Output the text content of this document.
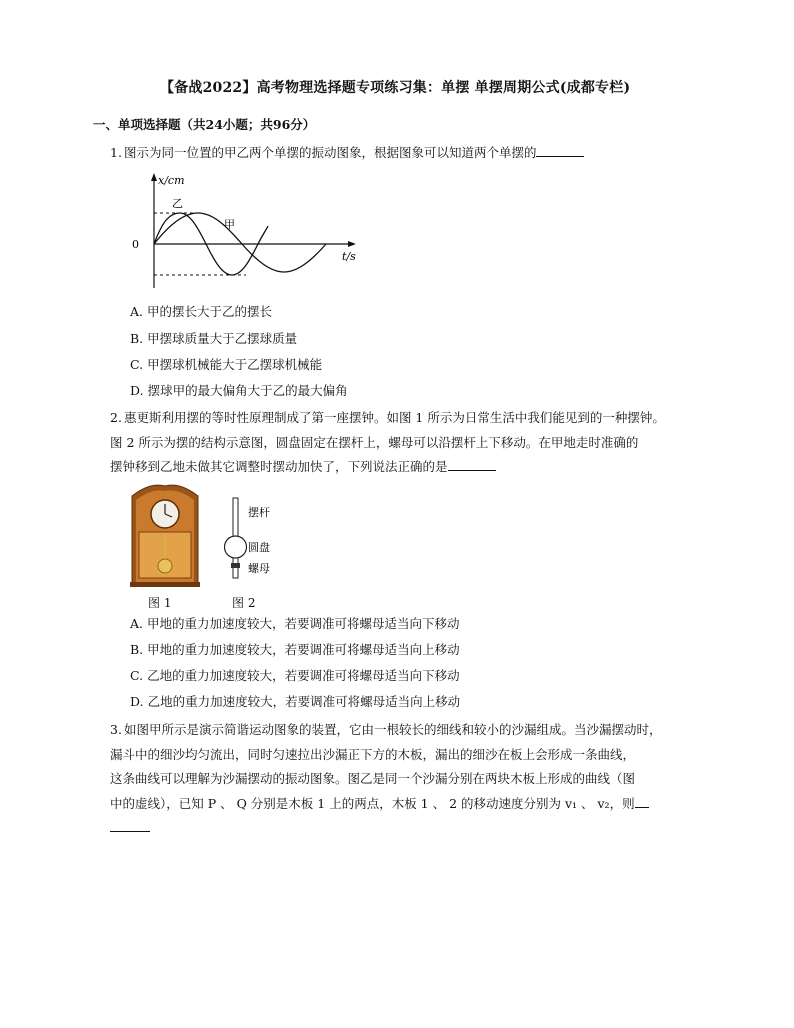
【备战2022】高考物理选择题专项练习集：单摆 单摆周期公式(成都专栏)
一、单项选择题（共24小题；共96分）
1. 图示为同一位置的甲乙两个单摆的振动图象，根据图象可以知道两个单摆的
x/cm
t/s
0
乙
甲
A. 甲的摆长大于乙的摆长
B. 甲摆球质量大于乙摆球质量
C. 甲摆球机械能大于乙摆球机械能
D. 摆球甲的最大偏角大于乙的最大偏角
2. 惠更斯利用摆的等时性原理制成了第一座摆钟。如图 1 所示为日常生活中我们能见到的一种摆钟。
图 2 所示为摆的结构示意图，圆盘固定在摆杆上，螺母可以沿摆杆上下移动。在甲地走时准确的
摆钟移到乙地未做其它调整时摆动加快了，下列说法正确的是
图 1
摆杆
圆盘
螺母
图 2
A. 甲地的重力加速度较大，若要调准可将螺母适当向下移动
B. 甲地的重力加速度较大，若要调准可将螺母适当向上移动
C. 乙地的重力加速度较大，若要调准可将螺母适当向下移动
D. 乙地的重力加速度较大，若要调准可将螺母适当向上移动
3. 如图甲所示是演示简谐运动图象的装置，它由一根较长的细线和较小的沙漏组成。当沙漏摆动时，
漏斗中的细沙均匀流出，同时匀速拉出沙漏正下方的木板，漏出的细沙在板上会形成一条曲线，
这条曲线可以理解为沙漏摆动的振动图象。图乙是同一个沙漏分别在两块木板上形成的曲线（图
中的虚线），已知 P 、 Q 分别是木板 1 上的两点，木板 1 、 2 的移动速度分别为 v₁ 、 v₂，则
